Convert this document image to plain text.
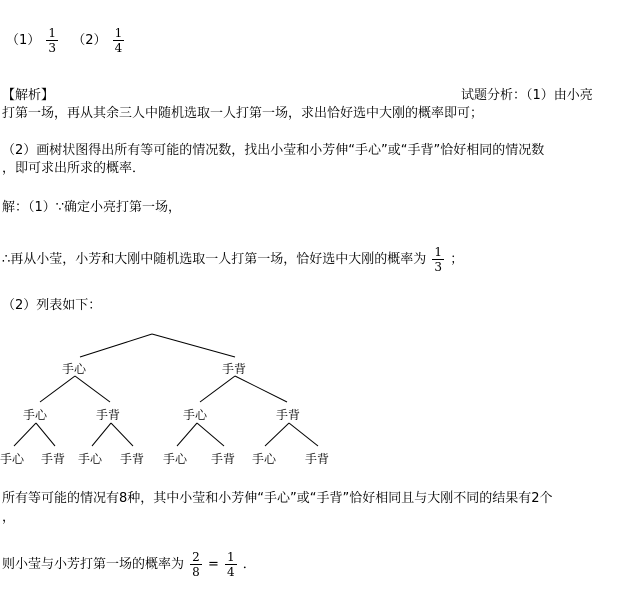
$(1) \frac{1}{3} (2) \frac{1}{4}$
【解析】	试题分析：（1）由小亮
打第一场，再从其余三人中随机选取一人打第一场，求出恰好选中大刚的概率即可；
（2）画树状图得出所有等可能的情况数，找出小莹和小芳伸“手心”或“手背”恰好相同的情况数
，即可求出所求的概率．
解：（1）∵确定小亮打第一场，
∴再从小莹，小芳和大刚中随机选取一人打第一场，恰好选中大刚的概率为 $\frac{1}{3}$ ；
（2）列表如下：
手心	手背
手心	手背	手心	手背
手心 手背 手心 手背 手心 手背 手心 手背
所有等可能的情况有8种，其中小莹和小芳伸“手心”或“手背”恰好相同且与大刚不同的结果有2个
，
则小莹与小芳打第一场的概率为 $\frac{2}{8} = \frac{1}{4}$ ．
